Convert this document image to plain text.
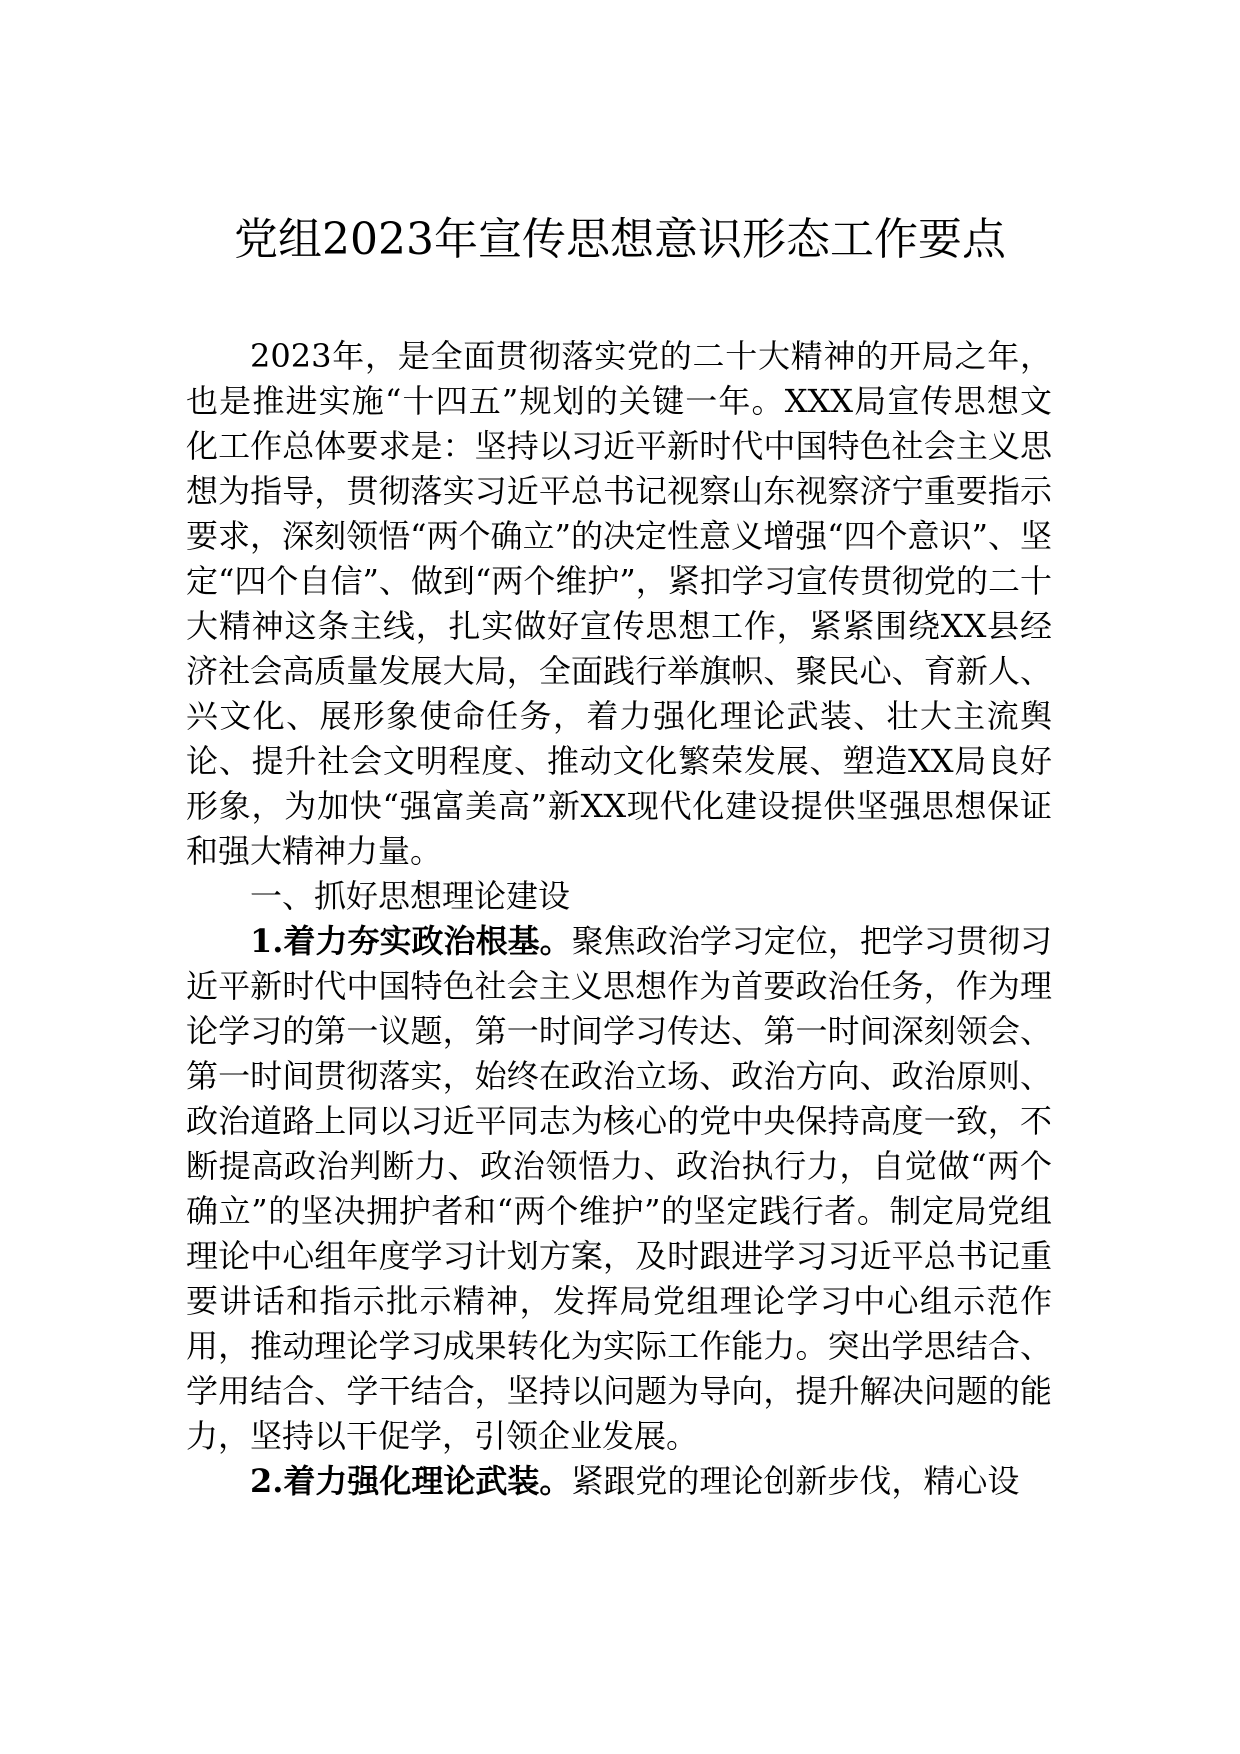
党组2023年宣传思想意识形态工作要点

2023年，是全面贯彻落实党的二十大精神的开局之年，也是推进实施“十四五”规划的关键一年。XXX局宣传思想文化工作总体要求是：坚持以习近平新时代中国特色社会主义思想为指导，贯彻落实习近平总书记视察山东视察济宁重要指示要求，深刻领悟“两个确立”的决定性意义增强“四个意识”、坚定“四个自信”、做到“两个维护”，紧扣学习宣传贯彻党的二十大精神这条主线，扎实做好宣传思想工作，紧紧围绕XX县经济社会高质量发展大局，全面践行举旗帜、聚民心、育新人、兴文化、展形象使命任务，着力强化理论武装、壮大主流舆论、提升社会文明程度、推动文化繁荣发展、塑造XX局良好形象，为加快“强富美高”新XX现代化建设提供坚强思想保证和强大精神力量。

一、抓好思想理论建设

1.着力夯实政治根基。聚焦政治学习定位，把学习贯彻习近平新时代中国特色社会主义思想作为首要政治任务，作为理论学习的第一议题，第一时间学习传达、第一时间深刻领会、第一时间贯彻落实，始终在政治立场、政治方向、政治原则、政治道路上同以习近平同志为核心的党中央保持高度一致，不断提高政治判断力、政治领悟力、政治执行力，自觉做“两个确立”的坚决拥护者和“两个维护”的坚定践行者。制定局党组理论中心组年度学习计划方案，及时跟进学习习近平总书记重要讲话和指示批示精神，发挥局党组理论学习中心组示范作用，推动理论学习成果转化为实际工作能力。突出学思结合、学用结合、学干结合，坚持以问题为导向，提升解决问题的能力，坚持以干促学，引领企业发展。

2.着力强化理论武装。紧跟党的理论创新步伐，精心设
